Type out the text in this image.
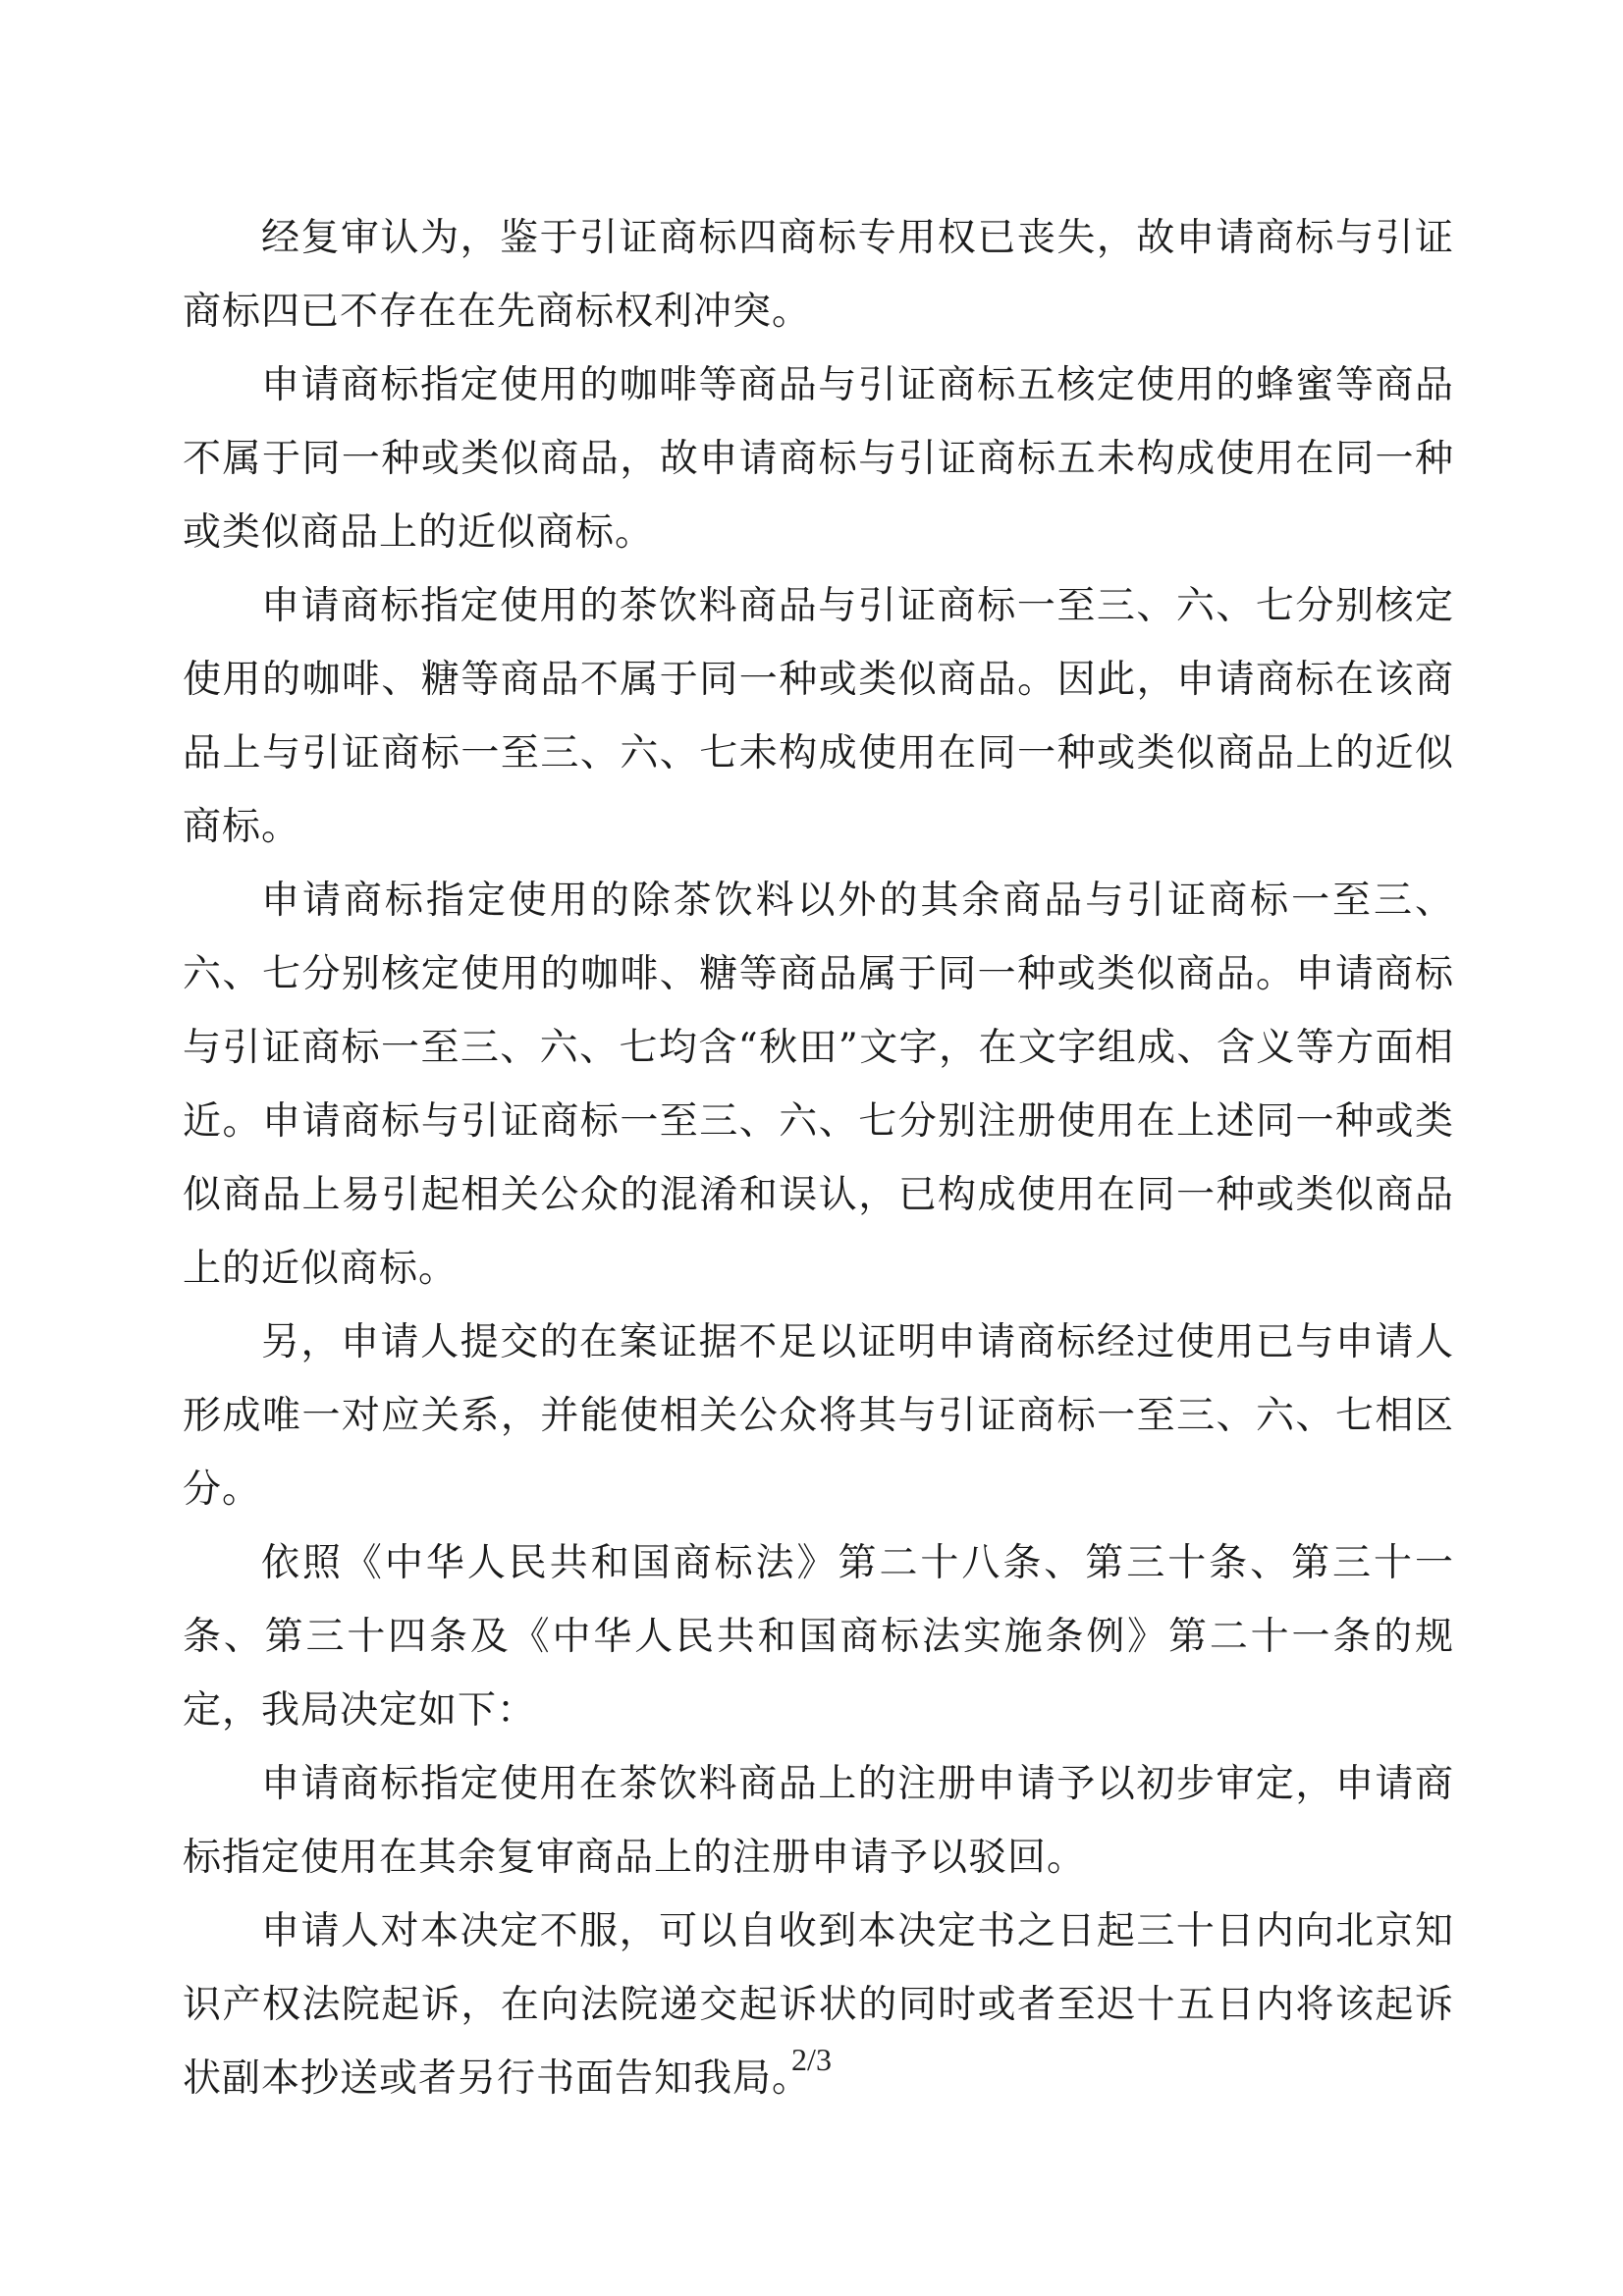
经复审认为，鉴于引证商标四商标专用权已丧失，故申请商标与引证商标四已不存在在先商标权利冲突。

申请商标指定使用的咖啡等商品与引证商标五核定使用的蜂蜜等商品不属于同一种或类似商品，故申请商标与引证商标五未构成使用在同一种或类似商品上的近似商标。

申请商标指定使用的茶饮料商品与引证商标一至三、六、七分别核定使用的咖啡、糖等商品不属于同一种或类似商品。因此，申请商标在该商品上与引证商标一至三、六、七未构成使用在同一种或类似商品上的近似商标。

申请商标指定使用的除茶饮料以外的其余商品与引证商标一至三、六、七分别核定使用的咖啡、糖等商品属于同一种或类似商品。申请商标与引证商标一至三、六、七均含“秋田”文字，在文字组成、含义等方面相近。申请商标与引证商标一至三、六、七分别注册使用在上述同一种或类似商品上易引起相关公众的混淆和误认，已构成使用在同一种或类似商品上的近似商标。

另，申请人提交的在案证据不足以证明申请商标经过使用已与申请人形成唯一对应关系，并能使相关公众将其与引证商标一至三、六、七相区分。

依照《中华人民共和国商标法》第二十八条、第三十条、第三十一条、第三十四条及《中华人民共和国商标法实施条例》第二十一条的规定，我局决定如下：

申请商标指定使用在茶饮料商品上的注册申请予以初步审定，申请商标指定使用在其余复审商品上的注册申请予以驳回。

申请人对本决定不服，可以自收到本决定书之日起三十日内向北京知识产权法院起诉，在向法院递交起诉状的同时或者至迟十五日内将该起诉状副本抄送或者另行书面告知我局。

2/3
